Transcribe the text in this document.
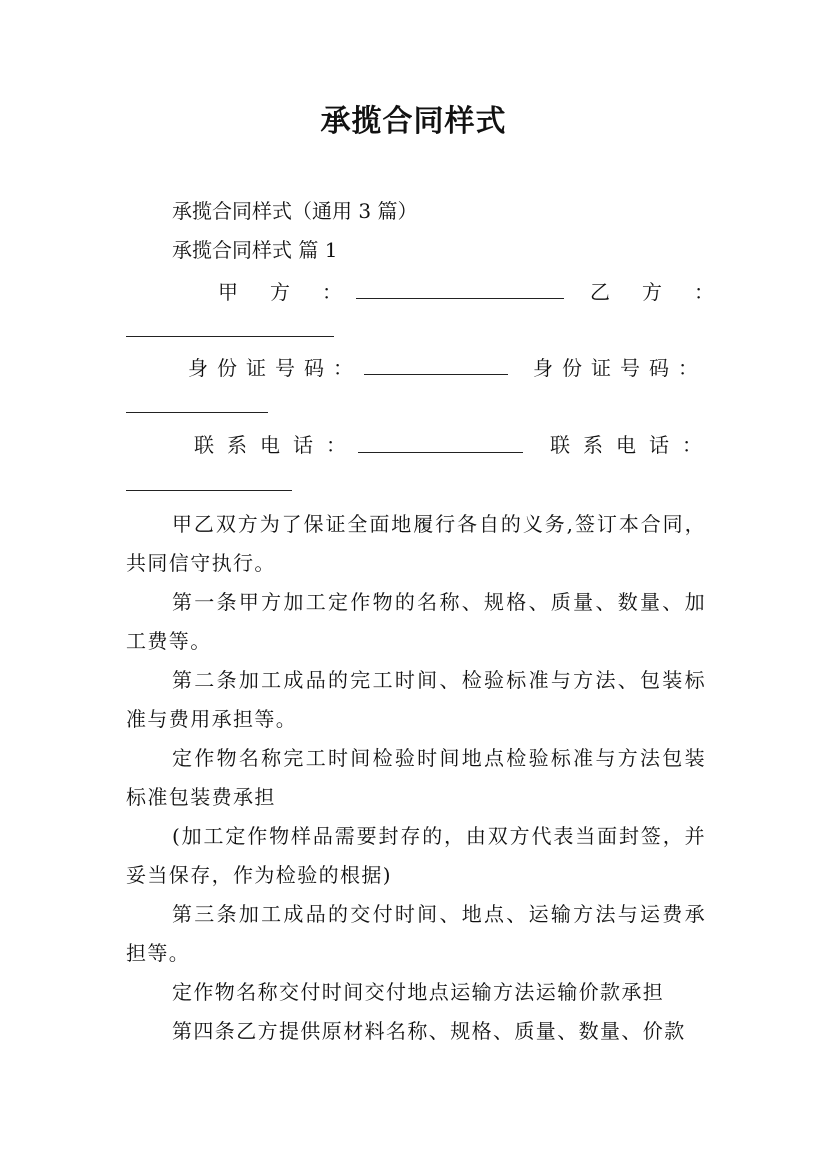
承揽合同样式
承揽合同样式（通用 3 篇）
承揽合同样式 篇 1
甲　方　：	乙　方　：
身份证号码：	身份证号码：
联系电话：	联系电话：
甲乙双方为了保证全面地履行各自的义务,签订本合同，共同信守执行。
第一条甲方加工定作物的名称、规格、质量、数量、加工费等。
第二条加工成品的完工时间、检验标准与方法、包装标准与费用承担等。
定作物名称完工时间检验时间地点检验标准与方法包装标准包装费承担
(加工定作物样品需要封存的，由双方代表当面封签，并妥当保存，作为检验的根据)
第三条加工成品的交付时间、地点、运输方法与运费承担等。
定作物名称交付时间交付地点运输方法运输价款承担
第四条乙方提供原材料名称、规格、质量、数量、价款
